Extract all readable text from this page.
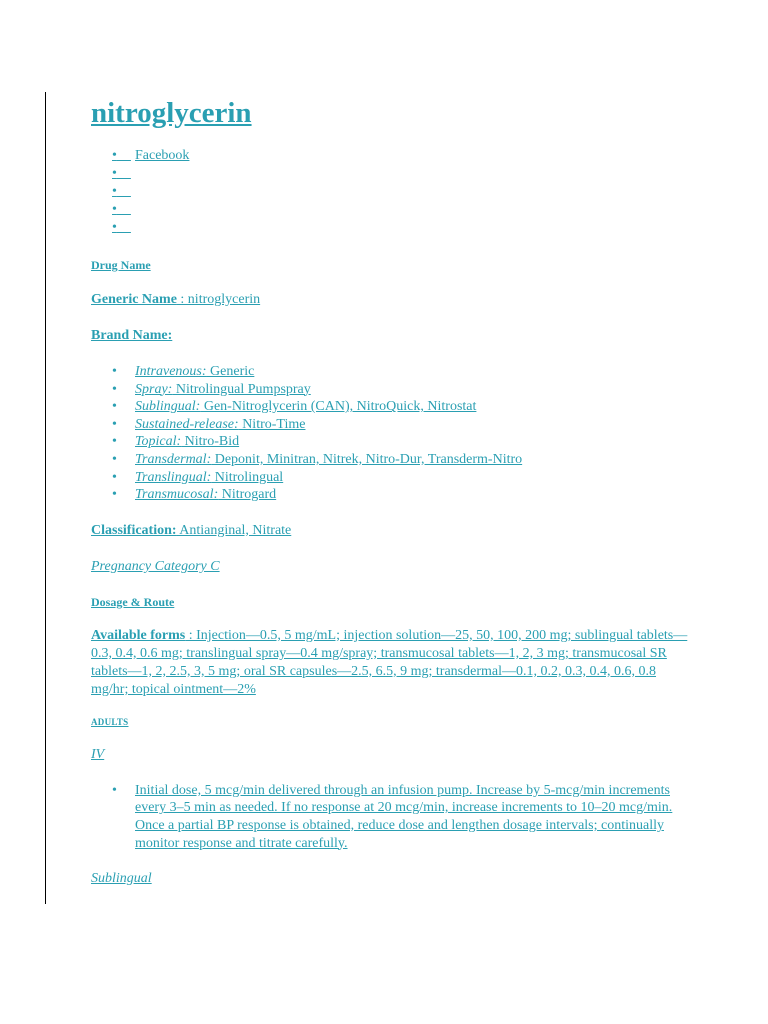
nitroglycerin
•	Facebook
•
•
•
•
Drug Name

Generic Name : nitroglycerin

Brand Name:

• Intravenous: Generic
• Spray: Nitrolingual Pumpspray
• Sublingual: Gen-Nitroglycerin (CAN), NitroQuick, Nitrostat
• Sustained-release: Nitro-Time
• Topical: Nitro-Bid
• Transdermal: Deponit, Minitran, Nitrek, Nitro-Dur, Transderm-Nitro
• Translingual: Nitrolingual
• Transmucosal: Nitrogard

Classification: Antianginal, Nitrate

Pregnancy Category C

Dosage & Route

Available forms : Injection—0.5, 5 mg/mL; injection solution—25, 50, 100, 200 mg; sublingual tablets—0.3, 0.4, 0.6 mg; translingual spray—0.4 mg/spray; transmucosal tablets—1, 2, 3 mg; transmucosal SR tablets—1, 2, 2.5, 3, 5 mg; oral SR capsules—2.5, 6.5, 9 mg; transdermal—0.1, 0.2, 0.3, 0.4, 0.6, 0.8 mg/hr; topical ointment—2%

ADULTS

IV

• Initial dose, 5 mcg/min delivered through an infusion pump. Increase by 5-mcg/min increments every 3–5 min as needed. If no response at 20 mcg/min, increase increments to 10–20 mcg/min. Once a partial BP response is obtained, reduce dose and lengthen dosage intervals; continually monitor response and titrate carefully.

Sublingual
